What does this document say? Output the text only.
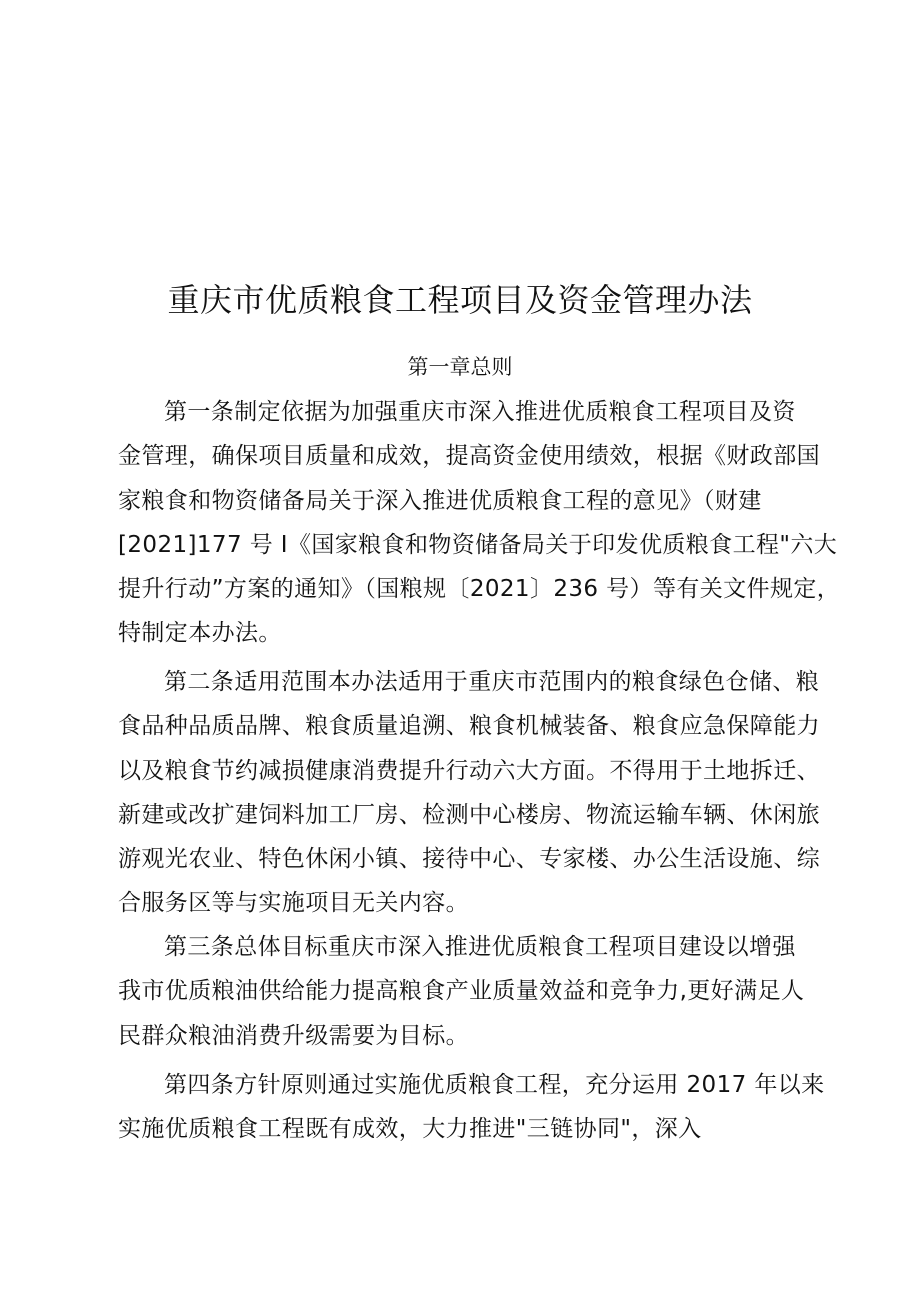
重庆市优质粮食工程项目及资金管理办法
第一章总则
第一条制定依据为加强重庆市深入推进优质粮食工程项目及资
金管理，确保项目质量和成效，提高资金使用绩效，根据《财政部国
家粮食和物资储备局关于深入推进优质粮食工程的意见》（财建
[2021]177 号 I《国家粮食和物资储备局关于印发优质粮食工程"六大
提升行动”方案的通知》（国粮规〔2021〕236 号）等有关文件规定，
特制定本办法。
第二条适用范围本办法适用于重庆市范围内的粮食绿色仓储、粮
食品种品质品牌、粮食质量追溯、粮食机械装备、粮食应急保障能力
以及粮食节约减损健康消费提升行动六大方面。不得用于土地拆迁、
新建或改扩建饲料加工厂房、检测中心楼房、物流运输车辆、休闲旅
游观光农业、特色休闲小镇、接待中心、专家楼、办公生活设施、综
合服务区等与实施项目无关内容。
第三条总体目标重庆市深入推进优质粮食工程项目建设以增强
我市优质粮油供给能力提高粮食产业质量效益和竞争力,更好满足人
民群众粮油消费升级需要为目标。
第四条方针原则通过实施优质粮食工程，充分运用 2017 年以来
实施优质粮食工程既有成效，大力推进"三链协同"，深入
